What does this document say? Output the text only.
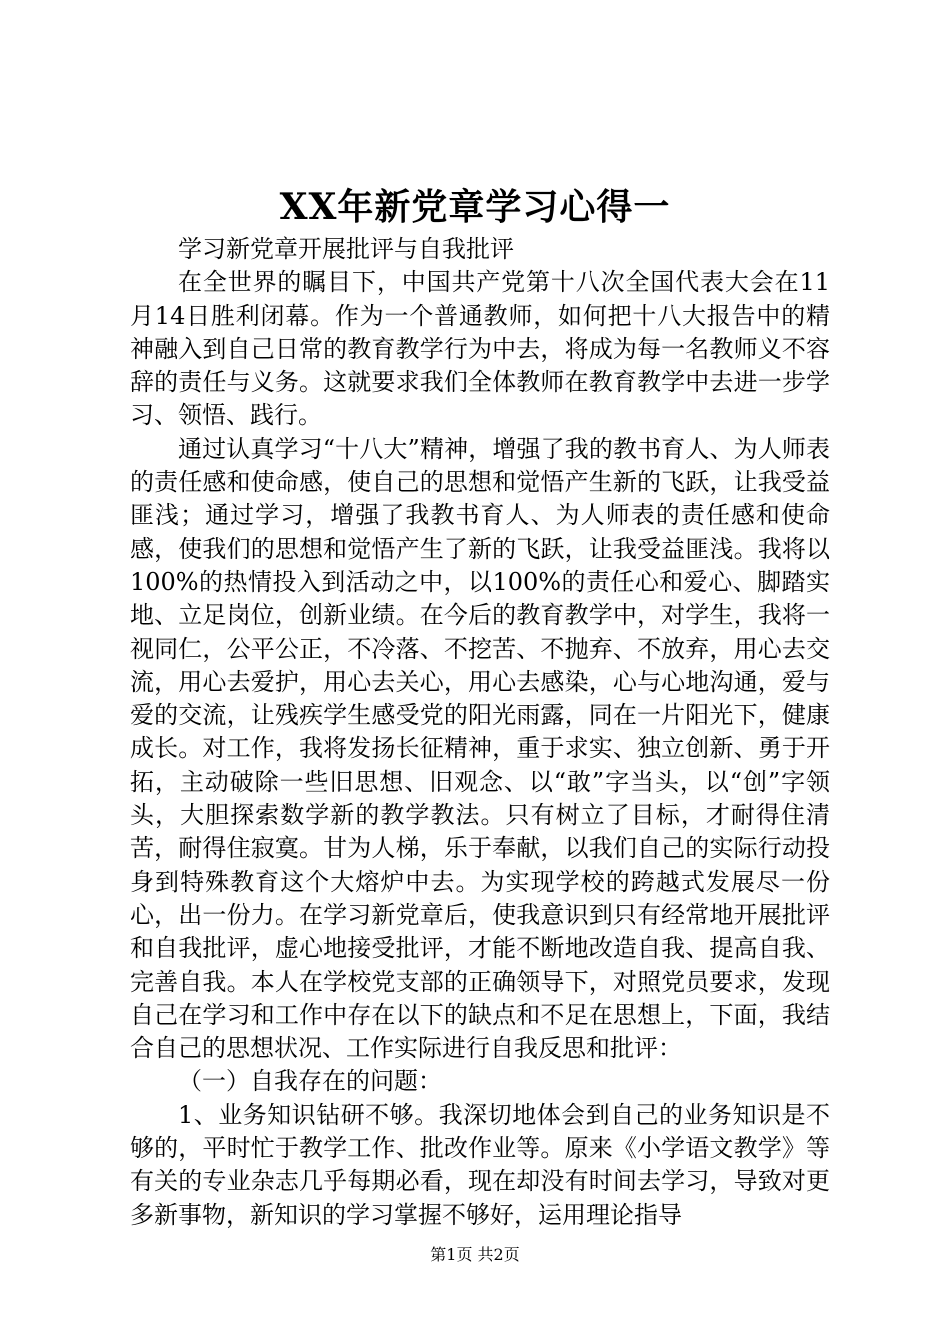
XX年新党章学习心得一

学习新党章开展批评与自我批评

在全世界的瞩目下，中国共产党第十八次全国代表大会在11月14日胜利闭幕。作为一个普通教师，如何把十八大报告中的精神融入到自己日常的教育教学行为中去，将成为每一名教师义不容辞的责任与义务。这就要求我们全体教师在教育教学中去进一步学习、领悟、践行。

通过认真学习“十八大”精神，增强了我的教书育人、为人师表的责任感和使命感，使自己的思想和觉悟产生新的飞跃，让我受益匪浅；通过学习，增强了我教书育人、为人师表的责任感和使命感，使我们的思想和觉悟产生了新的飞跃，让我受益匪浅。我将以100%的热情投入到活动之中，以100%的责任心和爱心、脚踏实地、立足岗位，创新业绩。在今后的教育教学中，对学生，我将一视同仁，公平公正，不冷落、不挖苦、不抛弃、不放弃，用心去交流，用心去爱护，用心去关心，用心去感染，心与心地沟通，爱与爱的交流，让残疾学生感受党的阳光雨露，同在一片阳光下，健康成长。对工作，我将发扬长征精神，重于求实、独立创新、勇于开拓，主动破除一些旧思想、旧观念、以“敢”字当头，以“创”字领头，大胆探索数学新的教学教法。只有树立了目标，才耐得住清苦，耐得住寂寞。甘为人梯，乐于奉献，以我们自己的实际行动投身到特殊教育这个大熔炉中去。为实现学校的跨越式发展尽一份心，出一份力。在学习新党章后，使我意识到只有经常地开展批评和自我批评，虚心地接受批评，才能不断地改造自我、提高自我、完善自我。本人在学校党支部的正确领导下，对照党员要求，发现自己在学习和工作中存在以下的缺点和不足在思想上，下面，我结合自己的思想状况、工作实际进行自我反思和批评：

（一）自我存在的问题：

1、业务知识钻研不够。我深切地体会到自己的业务知识是不够的，平时忙于教学工作、批改作业等。原来《小学语文教学》等有关的专业杂志几乎每期必看，现在却没有时间去学习，导致对更多新事物，新知识的学习掌握不够好，运用理论指导

第1页 共2页
